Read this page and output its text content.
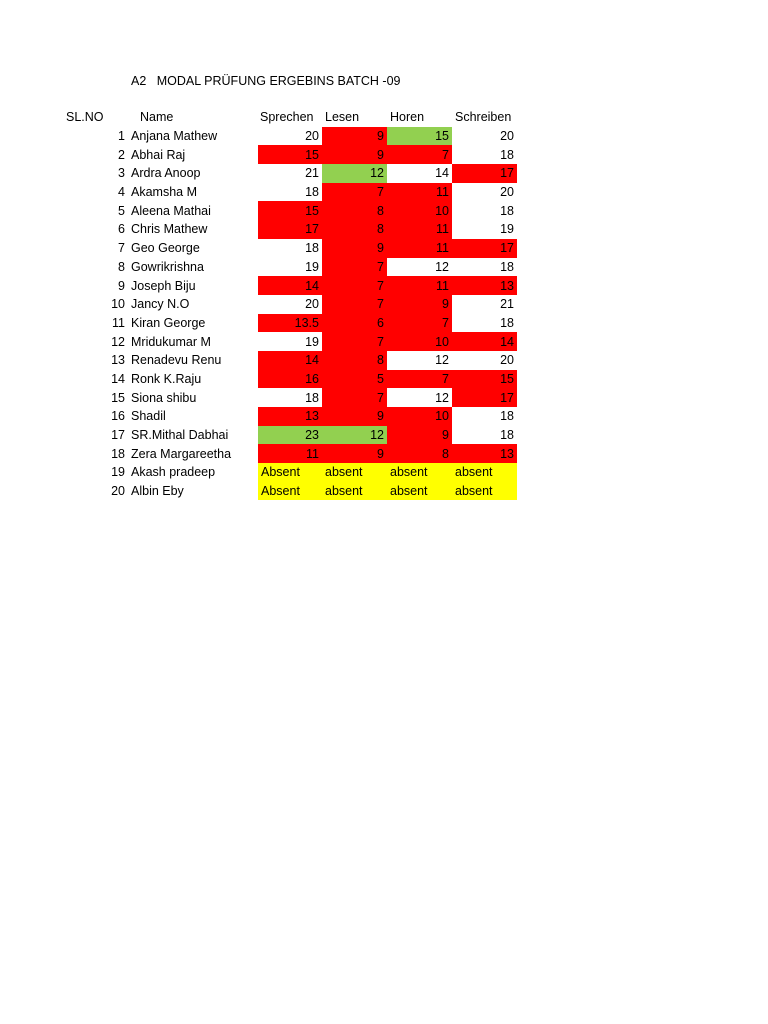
A2   MODAL PRÜFUNG ERGEBINS BATCH -09
SL.NO	Name	Sprechen	Lesen	Horen	Schreiben
1	Anjana Mathew	20	9	15	20
2	Abhai Raj	15	9	7	18
3	Ardra Anoop	21	12	14	17
4	Akamsha M	18	7	11	20
5	Aleena Mathai	15	8	10	18
6	Chris Mathew	17	8	11	19
7	Geo George	18	9	11	17
8	Gowrikrishna	19	7	12	18
9	Joseph Biju	14	7	11	13
10	Jancy N.O	20	7	9	21
11	Kiran George	13.5	6	7	18
12	Mridukumar M	19	7	10	14
13	Renadevu Renu	14	8	12	20
14	Ronk K.Raju	16	5	7	15
15	Siona shibu	18	7	12	17
16	Shadil	13	9	10	18
17	SR.Mithal Dabhai	23	12	9	18
18	Zera Margareetha	11	9	8	13
19	Akash pradeep	Absent	absent	absent	absent
20	Albin Eby	Absent	absent	absent	absent
